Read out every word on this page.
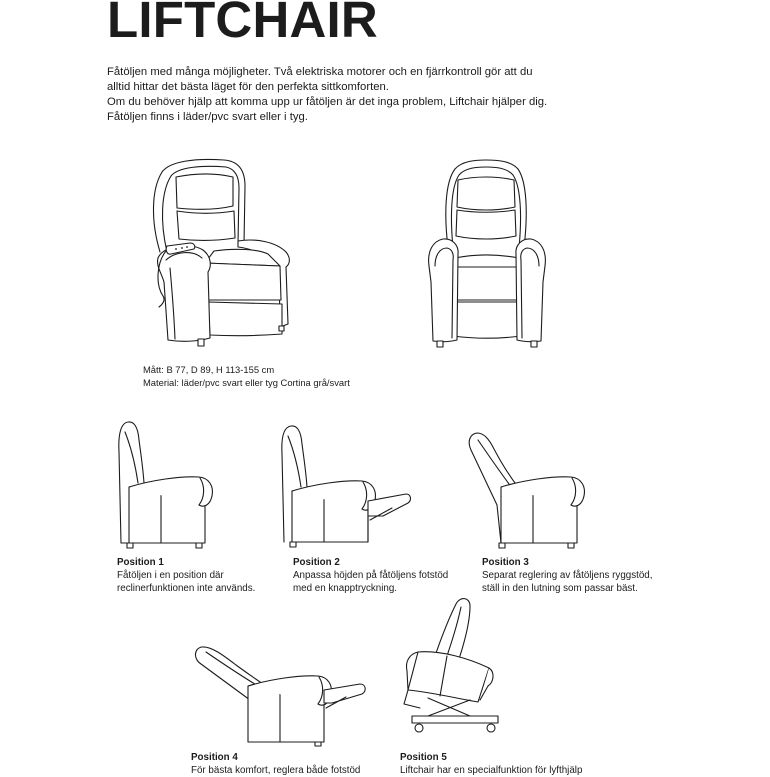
LIFTCHAIR
Fåtöljen med många möjligheter. Två elektriska motorer och en fjärrkontroll gör att du
alltid hittar det bästa läget för den perfekta sittkomforten.
Om du behöver hjälp att komma upp ur fåtöljen är det inga problem, Liftchair hjälper dig.
Fåtöljen finns i läder/pvc svart eller i tyg.
Mått: B 77, D 89, H 113-155 cm
Material: läder/pvc svart eller tyg Cortina grå/svart
Position 1
Fåtöljen i en position där
reclinerfunktionen inte används.
Position 2
Anpassa höjden på fåtöljens fotstöd
med en knapptryckning.
Position 3
Separat reglering av fåtöljens ryggstöd,
ställ in den lutning som passar bäst.
Position 4
För bästa komfort, reglera både fotstöd
Position 5
Liftchair har en specialfunktion för lyfthjälp
